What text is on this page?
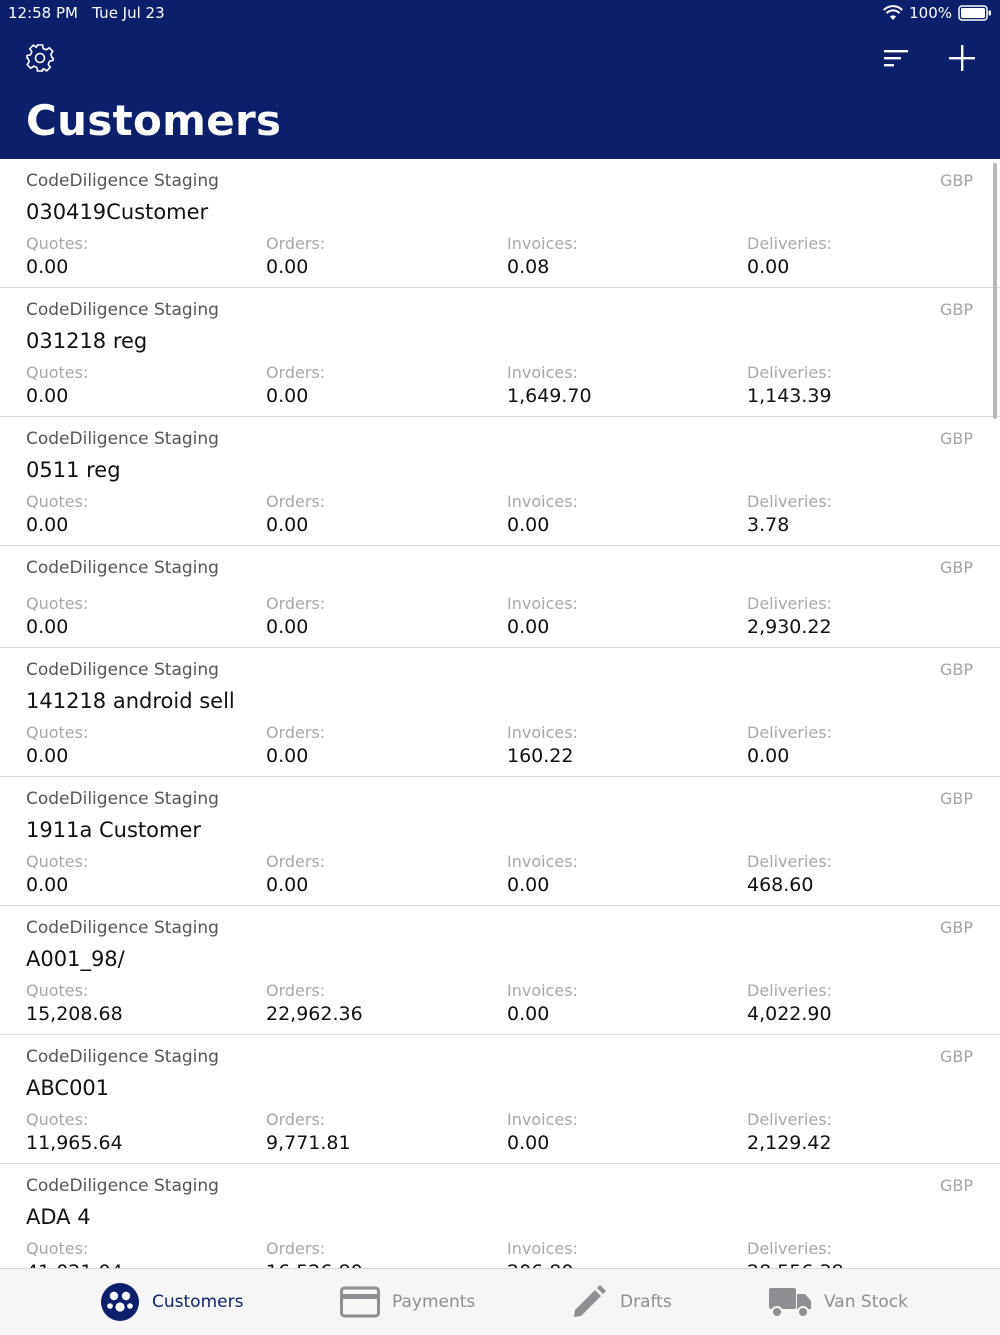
12:58 PM Tue Jul 23	100%
Customers
CodeDiligence Staging	GBP
030419Customer
Quotes:
0.00
Orders:
0.00
Invoices:
0.08
Deliveries:
0.00
CodeDiligence Staging	GBP
031218 reg
Quotes:
0.00
Orders:
0.00
Invoices:
1,649.70
Deliveries:
1,143.39
CodeDiligence Staging	GBP
0511 reg
Quotes:
0.00
Orders:
0.00
Invoices:
0.00
Deliveries:
3.78
CodeDiligence Staging	GBP
Quotes:
0.00
Orders:
0.00
Invoices:
0.00
Deliveries:
2,930.22
CodeDiligence Staging	GBP
141218 android sell
Quotes:
0.00
Orders:
0.00
Invoices:
160.22
Deliveries:
0.00
CodeDiligence Staging	GBP
1911a Customer
Quotes:
0.00
Orders:
0.00
Invoices:
0.00
Deliveries:
468.60
CodeDiligence Staging	GBP
A001_98/
Quotes:
15,208.68
Orders:
22,962.36
Invoices:
0.00
Deliveries:
4,022.90
CodeDiligence Staging	GBP
ABC001
Quotes:
11,965.64
Orders:
9,771.81
Invoices:
0.00
Deliveries:
2,129.42
CodeDiligence Staging	GBP
ADA 4
Quotes:	Orders:	Invoices:	Deliveries:
Customers	Payments	Drafts	Van Stock
